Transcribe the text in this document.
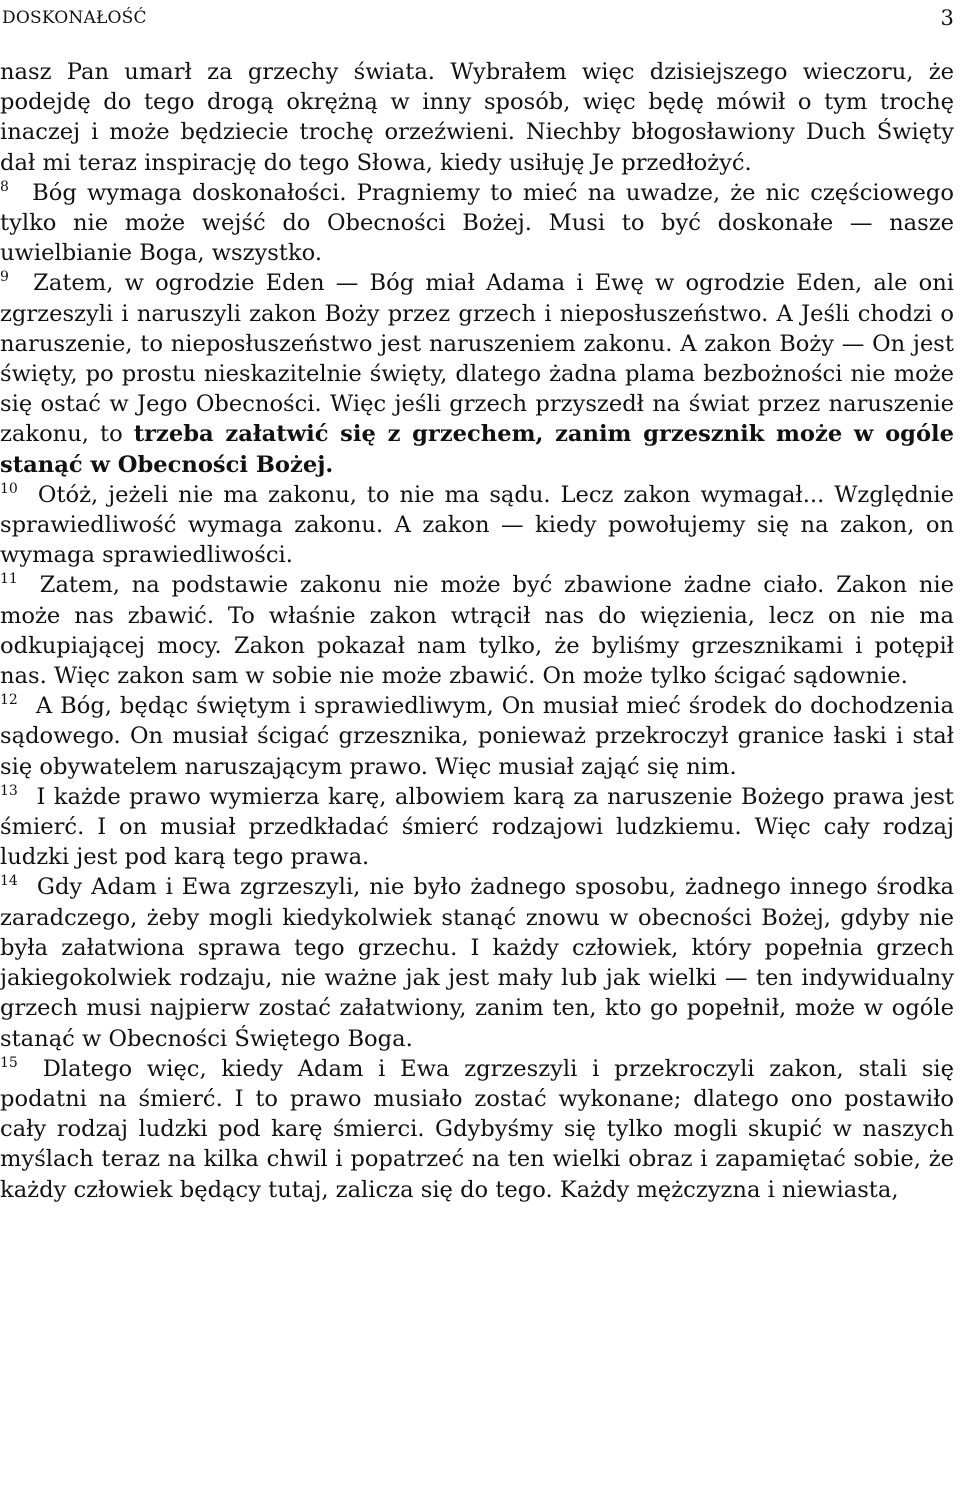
DOSKONAŁOŚĆ	3

nasz Pan umarł za grzechy świata. Wybrałem więc dzisiejszego wieczoru, że podejdę do tego drogą okrężną w inny sposób, więc będę mówił o tym trochę inaczej i może będziecie trochę orzeźwieni. Niechby błogosławiony Duch Święty dał mi teraz inspirację do tego Słowa, kiedy usiłuję Je przedłożyć.

8 Bóg wymaga doskonałości. Pragniemy to mieć na uwadze, że nic częściowego tylko nie może wejść do Obecności Bożej. Musi to być doskonałe — nasze uwielbianie Boga, wszystko.

9 Zatem, w ogrodzie Eden — Bóg miał Adama i Ewę w ogrodzie Eden, ale oni zgrzeszyli i naruszyli zakon Boży przez grzech i nieposłuszeństwo. A Jeśli chodzi o naruszenie, to nieposłuszeństwo jest naruszeniem zakonu. A zakon Boży — On jest święty, po prostu nieskazitelnie święty, dlatego żadna plama bezbożności nie może się ostać w Jego Obecności. Więc jeśli grzech przyszedł na świat przez naruszenie zakonu, to trzeba załatwić się z grzechem, zanim grzesznik może w ogóle stanąć w Obecności Bożej.

10 Otóż, jeżeli nie ma zakonu, to nie ma sądu. Lecz zakon wymagał... Względnie sprawiedliwość wymaga zakonu. A zakon — kiedy powołujemy się na zakon, on wymaga sprawiedliwości.

11 Zatem, na podstawie zakonu nie może być zbawione żadne ciało. Zakon nie może nas zbawić. To właśnie zakon wtrącił nas do więzienia, lecz on nie ma odkupiającej mocy. Zakon pokazał nam tylko, że byliśmy grzesznikami i potępił nas. Więc zakon sam w sobie nie może zbawić. On może tylko ścigać sądownie.

12 A Bóg, będąc świętym i sprawiedliwym, On musiał mieć środek do dochodzenia sądowego. On musiał ścigać grzesznika, ponieważ przekroczył granice łaski i stał się obywatelem naruszającym prawo. Więc musiał zająć się nim.

13 I każde prawo wymierza karę, albowiem karą za naruszenie Bożego prawa jest śmierć. I on musiał przedkładać śmierć rodzajowi ludzkiemu. Więc cały rodzaj ludzki jest pod karą tego prawa.

14 Gdy Adam i Ewa zgrzeszyli, nie było żadnego sposobu, żadnego innego środka zaradczego, żeby mogli kiedykolwiek stanąć znowu w obecności Bożej, gdyby nie była załatwiona sprawa tego grzechu. I każdy człowiek, który popełnia grzech jakiegokolwiek rodzaju, nie ważne jak jest mały lub jak wielki — ten indywidualny grzech musi najpierw zostać załatwiony, zanim ten, kto go popełnił, może w ogóle stanąć w Obecności Świętego Boga.

15 Dlatego więc, kiedy Adam i Ewa zgrzeszyli i przekroczyli zakon, stali się podatni na śmierć. I to prawo musiało zostać wykonane; dlatego ono postawiło cały rodzaj ludzki pod karę śmierci. Gdybyśmy się tylko mogli skupić w naszych myślach teraz na kilka chwil i popatrzeć na ten wielki obraz i zapamiętać sobie, że każdy człowiek będący tutaj, zalicza się do tego. Każdy mężczyzna i niewiasta,
